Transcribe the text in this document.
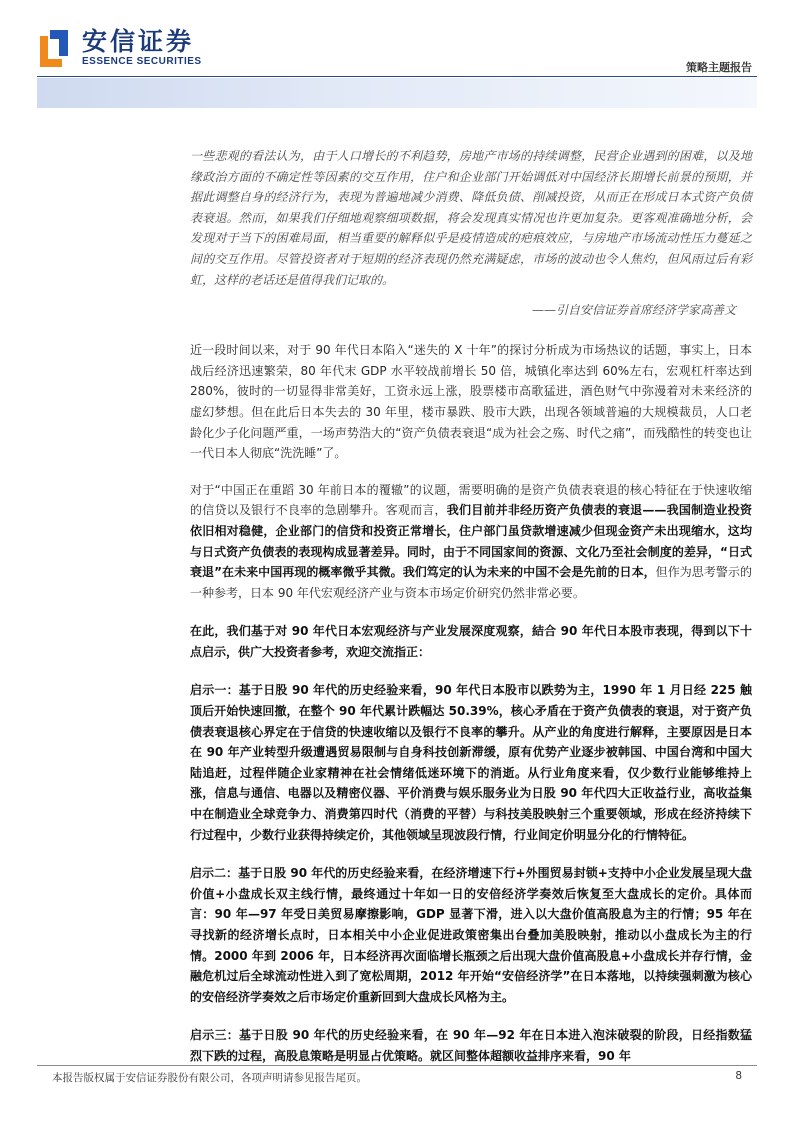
安信证券
ESSENCE SECURITIES	策略主题报告

一些悲观的看法认为，由于人口增长的不利趋势，房地产市场的持续调整，民营企业遇到的困难，以及地缘政治方面的不确定性等因素的交互作用，住户和企业部门开始调低对中国经济长期增长前景的预期，并据此调整自身的经济行为，表现为普遍地减少消费、降低负债、削减投资，从而正在形成日本式资产负债表衰退。然而，如果我们仔细地观察细项数据，将会发现真实情况也许更加复杂。更客观准确地分析，会发现对于当下的困难局面，相当重要的解释似乎是疫情造成的疤痕效应，与房地产市场流动性压力蔓延之间的交互作用。尽管投资者对于短期的经济表现仍然充满疑虑，市场的波动也令人焦灼，但风雨过后有彩虹，这样的老话还是值得我们记取的。

——引自安信证券首席经济学家高善文

近一段时间以来，对于 90 年代日本陷入“迷失的 X 十年”的探讨分析成为市场热议的话题，事实上，日本战后经济迅速繁荣，80 年代末 GDP 水平较战前增长 50 倍，城镇化率达到 60%左右，宏观杠杆率达到 280%，彼时的一切显得非常美好，工资永远上涨，股票楼市高歌猛进，酒色财气中弥漫着对未来经济的虚幻梦想。但在此后日本失去的 30 年里，楼市暴跌、股市大跌，出现各领域普遍的大规模裁员，人口老龄化少子化问题严重，一场声势浩大的“资产负债表衰退“成为社会之殇、时代之痛”，而残酷性的转变也让一代日本人彻底“洗洗睡”了。

对于“中国正在重蹈 30 年前日本的覆辙”的议题，需要明确的是资产负债表衰退的核心特征在于快速收缩的信贷以及银行不良率的急剧攀升。客观而言，我们目前并非经历资产负债表的衰退——我国制造业投资依旧相对稳健，企业部门的信贷和投资正常增长，住户部门虽贷款增速减少但现金资产未出现缩水，这均与日式资产负债表的表现构成显著差异。同时，由于不同国家间的资源、文化乃至社会制度的差异，“日式衰退”在未来中国再现的概率微乎其微。我们笃定的认为未来的中国不会是先前的日本，但作为思考警示的一种参考，日本 90 年代宏观经济产业与资本市场定价研究仍然非常必要。

在此，我们基于对 90 年代日本宏观经济与产业发展深度观察，結合 90 年代日本股市表现，得到以下十点启示，供广大投资者参考，欢迎交流指正：

启示一：基于日股 90 年代的历史经验来看，90 年代日本股市以跌势为主，1990 年 1 月日经 225 触顶后开始快速回撤，在整个 90 年代累计跌幅达 50.39%，核心矛盾在于资产负债表的衰退，对于资产负债表衰退核心界定在于信贷的快速收缩以及银行不良率的攀升。从产业的角度进行解释，主要原因是日本在 90 年产业转型升级遭遇贸易限制与自身科技创新滞缓，原有优势产业逐步被韩国、中国台湾和中国大陆追赶，过程伴随企业家精神在社会情绪低迷环境下的消逝。从行业角度来看，仅少数行业能够维持上涨，信息与通信、电器以及精密仪器、平价消费与娱乐服务业为日股 90 年代四大正收益行业，高收益集中在制造业全球竞争力、消费第四时代（消费的平替）与科技美股映射三个重要领域，形成在经济持续下行过程中，少数行业获得持续定价，其他领域呈现波段行情，行业间定价明显分化的行情特征。

启示二：基于日股 90 年代的历史经验来看，在经济增速下行+外围贸易封锁+支持中小企业发展呈现大盘价值+小盘成长双主线行情，最终通过十年如一日的安倍经济学奏效后恢复至大盘成长的定价。具体而言：90 年—97 年受日美贸易摩擦影响，GDP 显著下滑，进入以大盘价值高股息为主的行情；95 年在寻找新的经济增长点时，日本相关中小企业促进政策密集出台叠加美股映射，推动以小盘成长为主的行情。2000 年到 2006 年，日本经济再次面临增长瓶颈之后出现大盘价值高股息+小盘成长并存行情，金融危机过后全球流动性进入到了宽松周期，2012 年开始“安倍经济学”在日本落地，以持续强刺激为核心的安倍经济学奏效之后市场定价重新回到大盘成长风格为主。

启示三：基于日股 90 年代的历史经验来看，在 90 年—92 年在日本进入泡沫破裂的阶段，日经指数猛烈下跌的过程，高股息策略是明显占优策略。就区间整体超额收益排序来看，90 年

本报告版权属于安信证券股份有限公司，各项声明请参见报告尾页。	8
